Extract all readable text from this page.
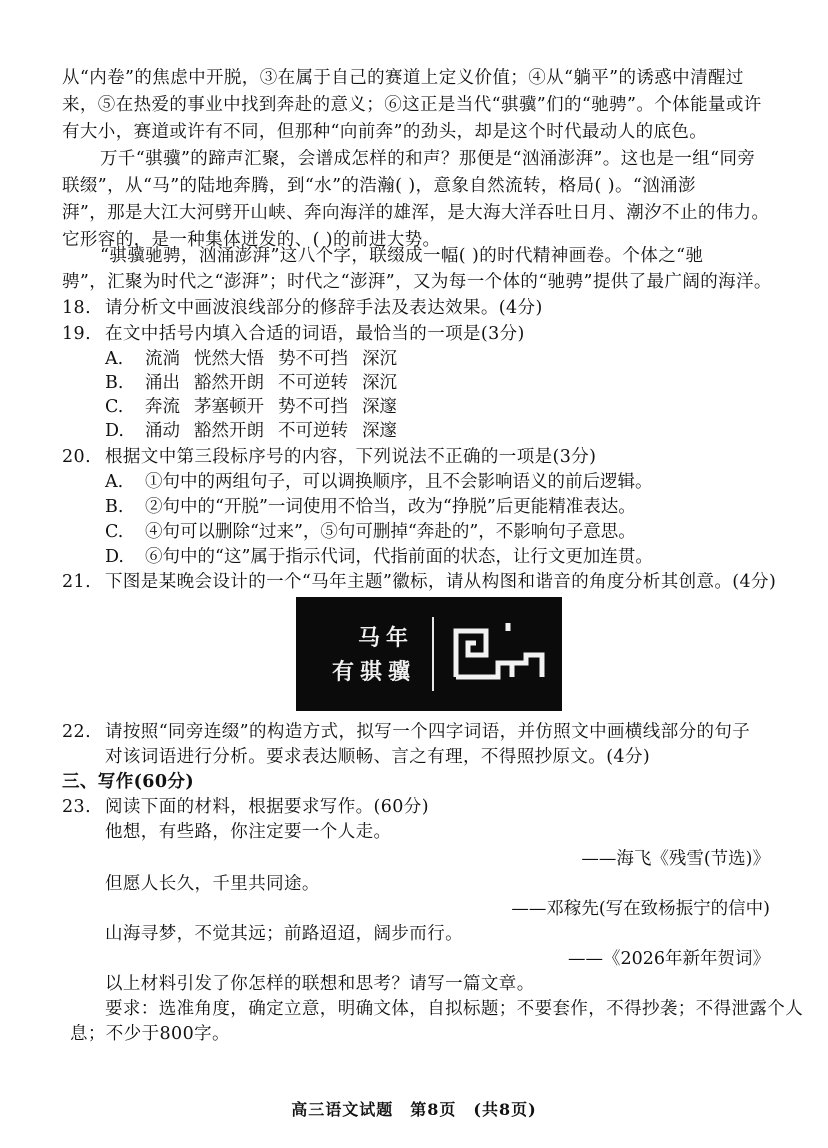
从“内卷”的焦虑中开脱，③在属于自己的赛道上定义价值；④从“躺平”的诱惑中清醒过
来，⑤在热爱的事业中找到奔赴的意义；⑥这正是当代“骐骥”们的“驰骋”。个体能量或许
有大小，赛道或许有不同，但那种“向前奔”的劲头，却是这个时代最动人的底色。
万千“骐骥”的蹄声汇聚，会谱成怎样的和声？那便是“汹涌澎湃”。这也是一组“同旁
联缀”，从“马”的陆地奔腾，到“水”的浩瀚( )，意象自然流转，格局( )。“汹涌澎
湃”，那是大江大河劈开山峡、奔向海洋的雄浑，是大海大洋吞吐日月、潮汐不止的伟力。
它形容的，是一种集体迸发的、( )的前进大势。
“骐骥驰骋，汹涌澎湃”这八个字，联缀成一幅( )的时代精神画卷。个体之“驰
骋”，汇聚为时代之“澎湃”；时代之“澎湃”，又为每一个体的“驰骋”提供了最广阔的海洋。
18. 请分析文中画波浪线部分的修辞手法及表达效果。(4分)
19. 在文中括号内填入合适的词语，最恰当的一项是(3分)
A. 流淌 恍然大悟 势不可挡 深沉
B. 涌出 豁然开朗 不可逆转 深沉
C. 奔流 茅塞顿开 势不可挡 深邃
D. 涌动 豁然开朗 不可逆转 深邃
20. 根据文中第三段标序号的内容，下列说法不正确的一项是(3分)
A. ①句中的两组句子，可以调换顺序，且不会影响语义的前后逻辑。
B. ②句中的“开脱”一词使用不恰当，改为“挣脱”后更能精准表达。
C. ④句可以删除“过来”，⑤句可删掉“奔赴的”，不影响句子意思。
D. ⑥句中的“这”属于指示代词，代指前面的状态，让行文更加连贯。
21. 下图是某晚会设计的一个“马年主题”徽标，请从构图和谐音的角度分析其创意。(4分)
马年
有骐骥
22. 请按照“同旁连缀”的构造方式，拟写一个四字词语，并仿照文中画横线部分的句子
对该词语进行分析。要求表达顺畅、言之有理，不得照抄原文。(4分)
三、写作(60分)
23. 阅读下面的材料，根据要求写作。(60分)
他想，有些路，你注定要一个人走。
——海飞《残雪(节选)》
但愿人长久，千里共同途。
——邓稼先(写在致杨振宁的信中)
山海寻梦，不觉其远；前路迢迢，阔步而行。
——《2026年新年贺词》
以上材料引发了你怎样的联想和思考？请写一篇文章。
要求：选准角度，确定立意，明确文体，自拟标题；不要套作，不得抄袭；不得泄露个人
息；不少于800字。
高三语文试题　第8页　(共8页)
